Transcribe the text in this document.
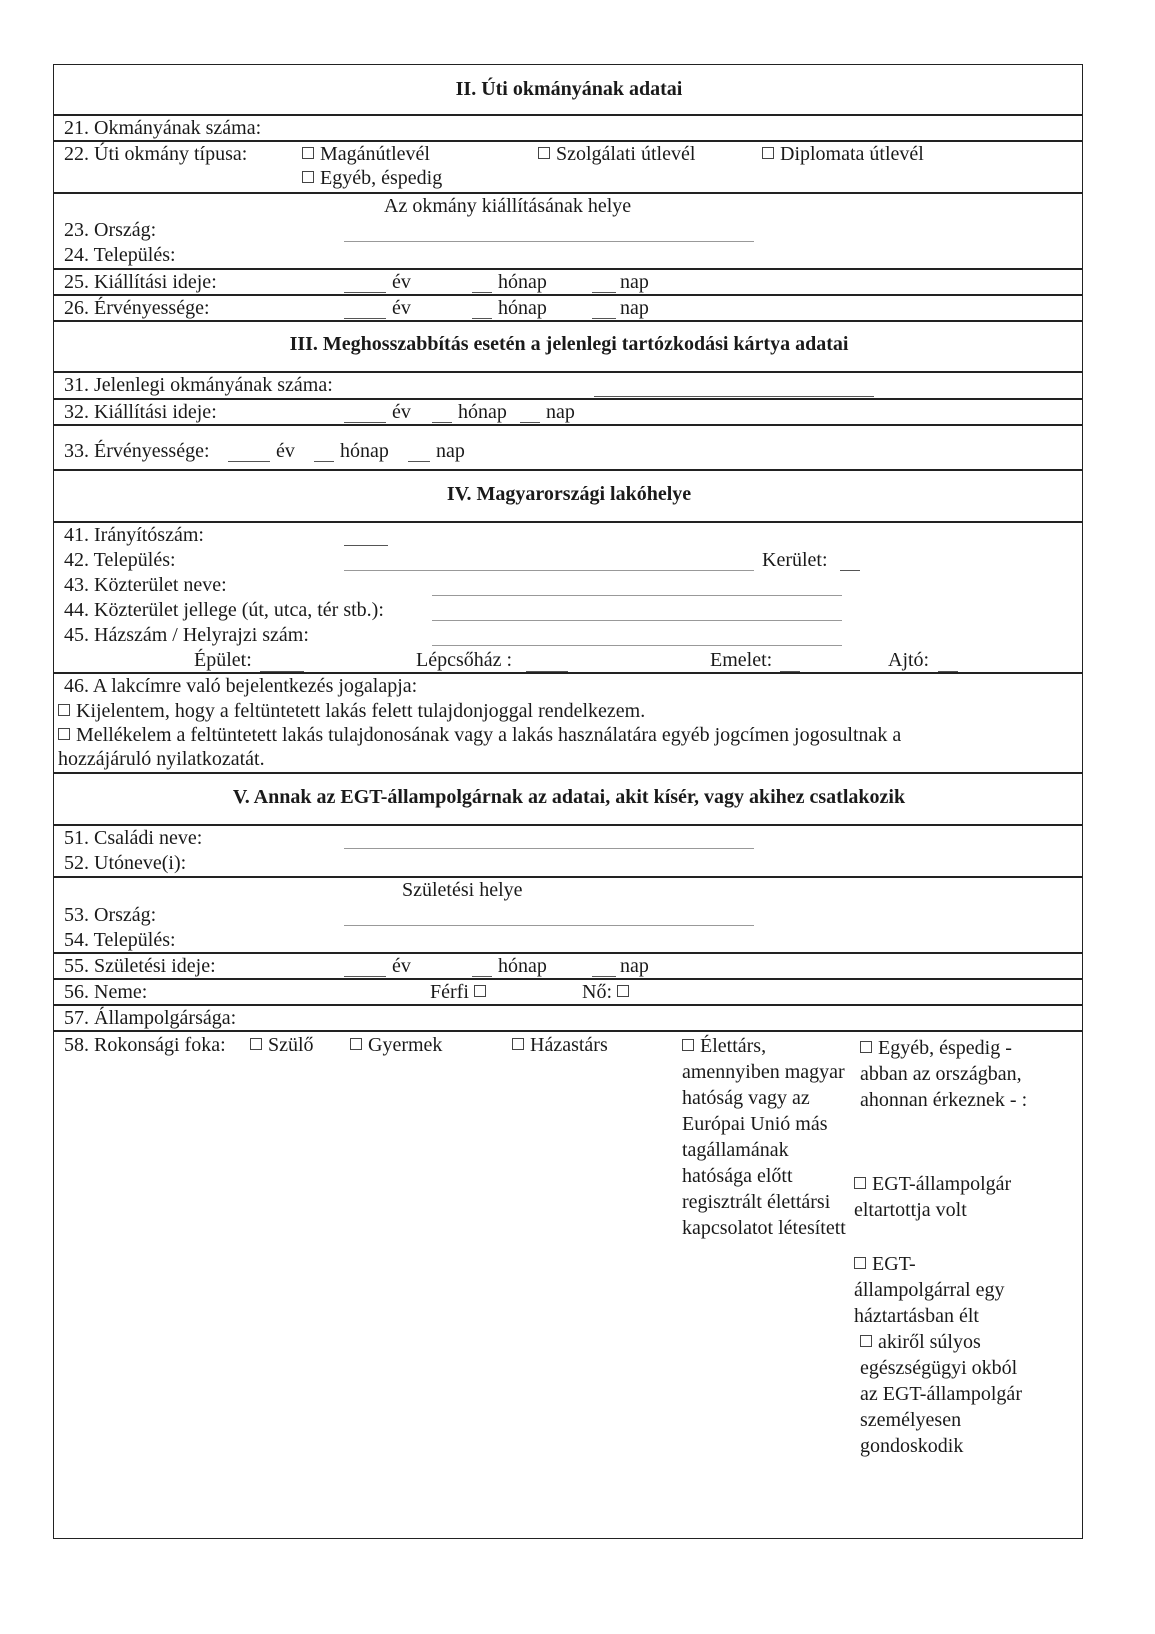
II. Úti okmányának adatai
21. Okmányának száma:
22. Úti okmány típusa:	Magánútlevél	Szolgálati útlevél	Diplomata útlevél
Egyéb, éspedig
Az okmány kiállításának helye
23. Ország:
24. Település:
25. Kiállítási ideje:	év	hónap	nap
26. Érvényessége:	év	hónap	nap
III. Meghosszabbítás esetén a jelenlegi tartózkodási kártya adatai
31. Jelenlegi okmányának száma:
32. Kiállítási ideje:	év hónap nap
33. Érvényessége:	év hónap nap
IV. Magyarországi lakóhelye
41. Irányítószám:
42. Település:	Kerület:
43. Közterület neve:
44. Közterület jellege (út, utca, tér stb.):
45. Házszám / Helyrajzi szám:
Épület:	Lépcsőház :	Emelet:	Ajtó:
46. A lakcímre való bejelentkezés jogalapja:
Kijelentem, hogy a feltüntetett lakás felett tulajdonjoggal rendelkezem.
Mellékelem a feltüntetett lakás tulajdonosának vagy a lakás használatára egyéb jogcímen jogosultnak a
hozzájáruló nyilatkozatát.
V. Annak az EGT-állampolgárnak az adatai, akit kísér, vagy akihez csatlakozik
51. Családi neve:
52. Utóneve(i):
Születési helye
53. Ország:
54. Település:
55. Születési ideje:	év	hónap	nap
56. Neme:	Férfi	Nő:
57. Állampolgársága:
58. Rokonsági foka:	Szülő	Gyermek	Házastárs	Élettárs, amennyiben magyar hatóság vagy az Európai Unió más tagállamának hatósága előtt regisztrált élettársi kapcsolatot létesített
Egyéb, éspedig - abban az országban, ahonnan érkeznek - :
EGT-állampolgár eltartottja volt
EGT-állampolgárral egy háztartásban élt
akiről súlyos egészségügyi okból az EGT-állampolgár személyesen gondoskodik
